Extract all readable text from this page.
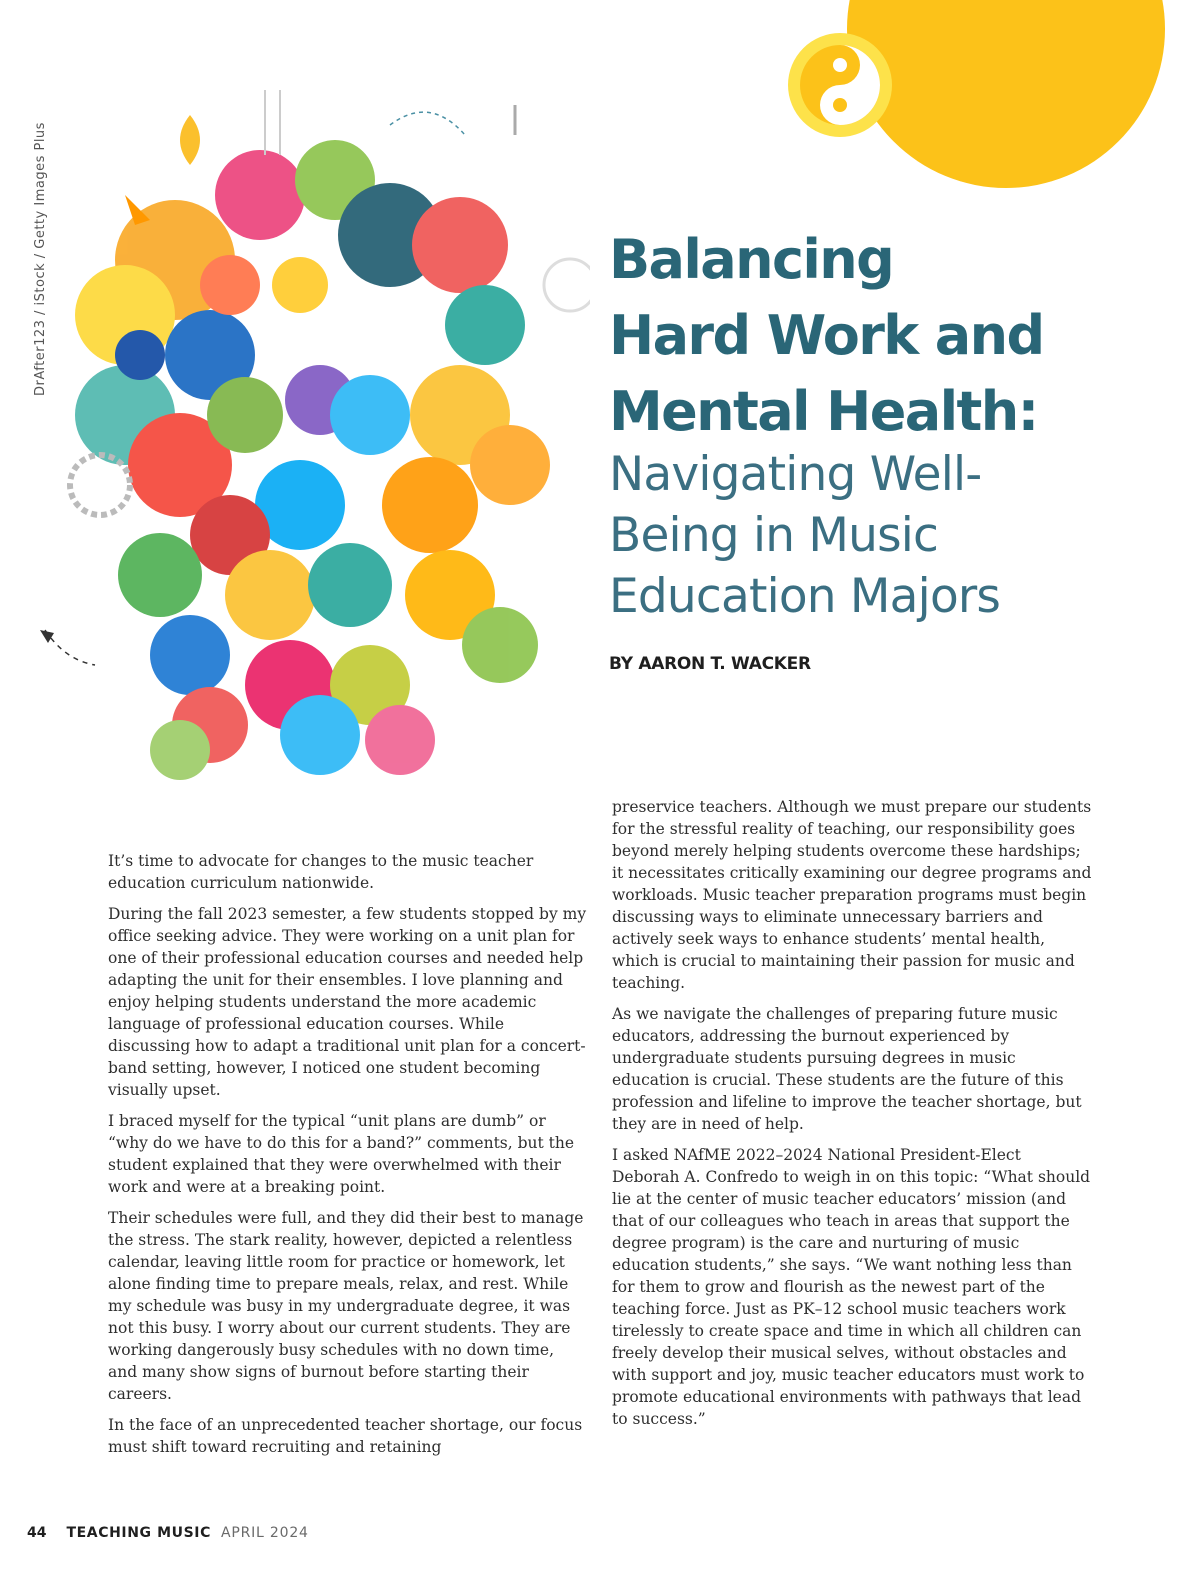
DrAfter123 / iStock / Getty Images Plus	Balancing
Hard Work and
Mental Health:
Navigating Well-
Being in Music
Education Majors
BY AARON T. WACKER

It’s time to advocate for changes to the music teacher education curriculum nationwide.

During the fall 2023 semester, a few students stopped by my office seeking advice. They were working on a unit plan for one of their professional education courses and needed help adapting the unit for their ensembles. I love planning and enjoy helping students understand the more academic language of professional education courses. While discussing how to adapt a traditional unit plan for a concert-band setting, however, I noticed one student becoming visually upset.

I braced myself for the typical “unit plans are dumb” or “why do we have to do this for a band?” comments, but the student explained that they were overwhelmed with their work and were at a breaking point.

Their schedules were full, and they did their best to manage the stress. The stark reality, however, depicted a relentless calendar, leaving little room for practice or homework, let alone finding time to prepare meals, relax, and rest. While my schedule was busy in my undergraduate degree, it was not this busy. I worry about our current students. They are working dangerously busy schedules with no down time, and many show signs of burnout before starting their careers.

In the face of an unprecedented teacher shortage, our focus must shift toward recruiting and retaining

preservice teachers. Although we must prepare our students for the stressful reality of teaching, our responsibility goes beyond merely helping students overcome these hardships; it necessitates critically examining our degree programs and workloads. Music teacher preparation programs must begin discussing ways to eliminate unnecessary barriers and actively seek ways to enhance students’ mental health, which is crucial to maintaining their passion for music and teaching.

As we navigate the challenges of preparing future music educators, addressing the burnout experienced by undergraduate students pursuing degrees in music education is crucial. These students are the future of this profession and lifeline to improve the teacher shortage, but they are in need of help.

I asked NAfME 2022–2024 National President-Elect Deborah A. Confredo to weigh in on this topic: “What should lie at the center of music teacher educators’ mission (and that of our colleagues who teach in areas that support the degree program) is the care and nurturing of music education students,” she says. “We want nothing less than for them to grow and flourish as the newest part of the teaching force. Just as PK–12 school music teachers work tirelessly to create space and time in which all children can freely develop their musical selves, without obstacles and with support and joy, music teacher educators must work to promote educational environments with pathways that lead to success.”

44 TEACHING MUSIC APRIL 2024
